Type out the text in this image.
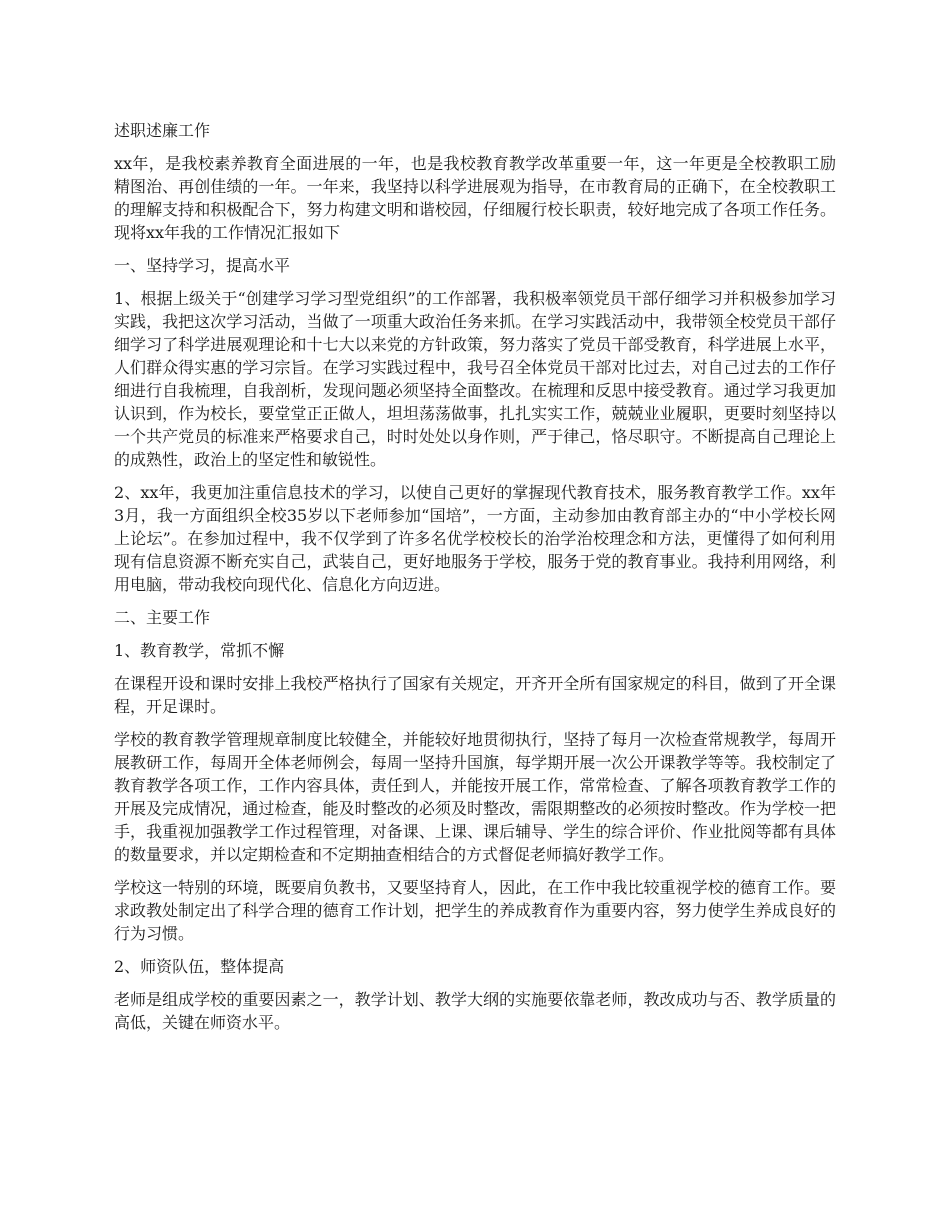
述职述廉工作

xx年，是我校素养教育全面进展的一年，也是我校教育教学改革重要一年，这一年更是全校教职工励精图治、再创佳绩的一年。一年来，我坚持以科学进展观为指导，在市教育局的正确下，在全校教职工的理解支持和积极配合下，努力构建文明和谐校园，仔细履行校长职责，较好地完成了各项工作任务。现将xx年我的工作情况汇报如下

一、坚持学习，提高水平

1、根据上级关于“创建学习学习型党组织”的工作部署，我积极率领党员干部仔细学习并积极参加学习实践，我把这次学习活动，当做了一项重大政治任务来抓。在学习实践活动中，我带领全校党员干部仔细学习了科学进展观理论和十七大以来党的方针政策，努力落实了党员干部受教育，科学进展上水平，人们群众得实惠的学习宗旨。在学习实践过程中，我号召全体党员干部对比过去，对自己过去的工作仔细进行自我梳理，自我剖析，发现问题必须坚持全面整改。在梳理和反思中接受教育。通过学习我更加认识到，作为校长，要堂堂正正做人，坦坦荡荡做事，扎扎实实工作，兢兢业业履职，更要时刻坚持以一个共产党员的标准来严格要求自己，时时处处以身作则，严于律己，恪尽职守。不断提高自己理论上的成熟性，政治上的坚定性和敏锐性。

2、xx年，我更加注重信息技术的学习，以使自己更好的掌握现代教育技术，服务教育教学工作。xx年3月，我一方面组织全校35岁以下老师参加“国培”，一方面，主动参加由教育部主办的“中小学校长网上论坛”。在参加过程中，我不仅学到了许多名优学校校长的治学治校理念和方法，更懂得了如何利用现有信息资源不断充实自己，武装自己，更好地服务于学校，服务于党的教育事业。我持利用网络，利用电脑，带动我校向现代化、信息化方向迈进。

二、主要工作

1、教育教学，常抓不懈

在课程开设和课时安排上我校严格执行了国家有关规定，开齐开全所有国家规定的科目，做到了开全课程，开足课时。

学校的教育教学管理规章制度比较健全，并能较好地贯彻执行，坚持了每月一次检查常规教学，每周开展教研工作，每周开全体老师例会，每周一坚持升国旗，每学期开展一次公开课教学等等。我校制定了教育教学各项工作，工作内容具体，责任到人，并能按开展工作，常常检查、了解各项教育教学工作的开展及完成情况，通过检查，能及时整改的必须及时整改，需限期整改的必须按时整改。作为学校一把手，我重视加强教学工作过程管理，对备课、上课、课后辅导、学生的综合评价、作业批阅等都有具体的数量要求，并以定期检查和不定期抽查相结合的方式督促老师搞好教学工作。

学校这一特别的环境，既要肩负教书，又要坚持育人，因此，在工作中我比较重视学校的德育工作。要求政教处制定出了科学合理的德育工作计划，把学生的养成教育作为重要内容，努力使学生养成良好的行为习惯。

2、师资队伍，整体提高

老师是组成学校的重要因素之一，教学计划、教学大纲的实施要依靠老师，教改成功与否、教学质量的高低，关键在师资水平。
